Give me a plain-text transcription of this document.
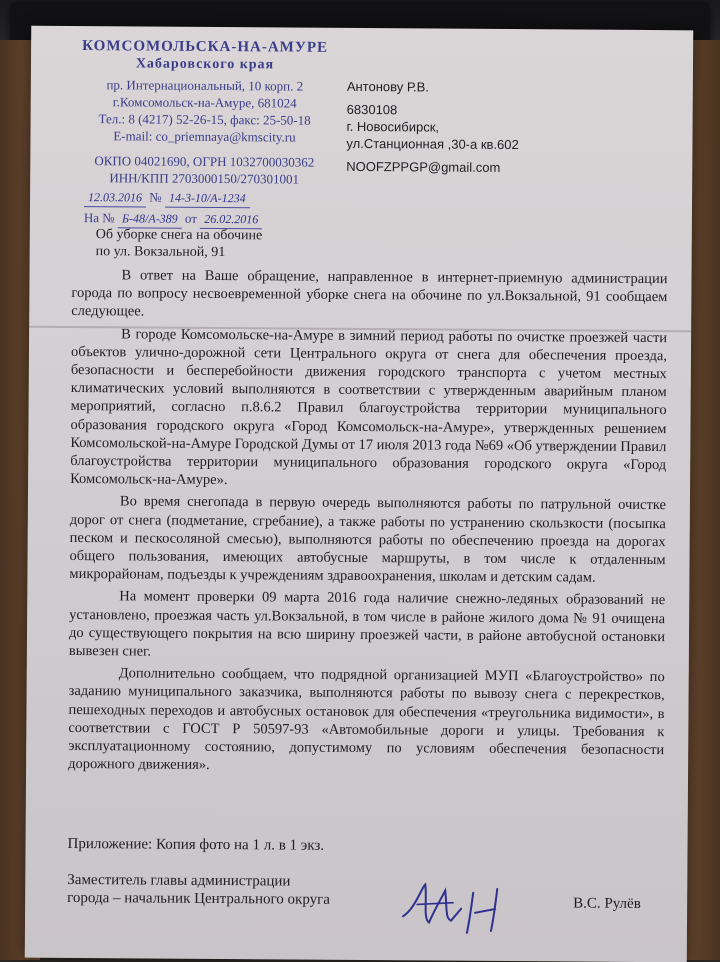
КОМСОМОЛЬСКА-НА-АМУРЕ
Хабаровского края
пр. Интернациональный, 10 корп. 2
г.Комсомольск-на-Амуре, 681024
Тел.: 8 (4217) 52-26-15, факс: 25-50-18
E-mail: co_priemnaya@kmscity.ru
ОКПО 04021690, ОГРН 1032700030362
ИНН/КПП 2703000150/270301001
12.03.2016 № 14-3-10/А-1234
На № Б-48/А-389 от 26.02.2016
Антонову Р.В.
6830108
г. Новосибирск,
ул.Станционная ,30-а кв.602
NOOFZPPGP@gmail.com
Об уборке снега на обочине
по ул. Вокзальной, 91

В ответ на Ваше обращение, направленное в интернет-приемную администрации города по вопросу несвоевременной уборке снега на обочине по ул.Вокзальной, 91 сообщаем следующее.

В городе Комсомольске-на-Амуре в зимний период работы по очистке проезжей части объектов улично-дорожной сети Центрального округа от снега для обеспечения проезда, безопасности и бесперебойности движения городского транспорта с учетом местных климатических условий выполняются в соответствии с утвержденным аварийным планом мероприятий, согласно п.8.6.2 Правил благоустройства территории муниципального образования городского округа «Город Комсомольск-на-Амуре», утвержденных решением Комсомольской-на-Амуре Городской Думы от 17 июля 2013 года №69 «Об утверждении Правил благоустройства территории муниципального образования городского округа «Город Комсомольск-на-Амуре».

Во время снегопада в первую очередь выполняются работы по патрульной очистке дорог от снега (подметание, сгребание), а также работы по устранению скользкости (посыпка песком и пескосоляной смесью), выполняются работы по обеспечению проезда на дорогах общего пользования, имеющих автобусные маршруты, в том числе к отдаленным микрорайонам, подъезды к учреждениям здравоохранения, школам и детским садам.

На момент проверки 09 марта 2016 года наличие снежно-ледяных образований не установлено, проезжая часть ул.Вокзальной, в том числе в районе жилого дома № 91 очищена до существующего покрытия на всю ширину проезжей части, в районе автобусной остановки вывезен снег.

Дополнительно сообщаем, что подрядной организацией МУП «Благоустройство» по заданию муниципального заказчика, выполняются работы по вывозу снега с перекрестков, пешеходных переходов и автобусных остановок для обеспечения «треугольника видимости», в соответствии с ГОСТ Р 50597-93 «Автомобильные дороги и улицы. Требования к эксплуатационному состоянию, допустимому по условиям обеспечения безопасности дорожного движения».

Приложение: Копия фото на 1 л. в 1 экз.
Заместитель главы администрации
города – начальник Центрального округа	В.С. Рулёв
